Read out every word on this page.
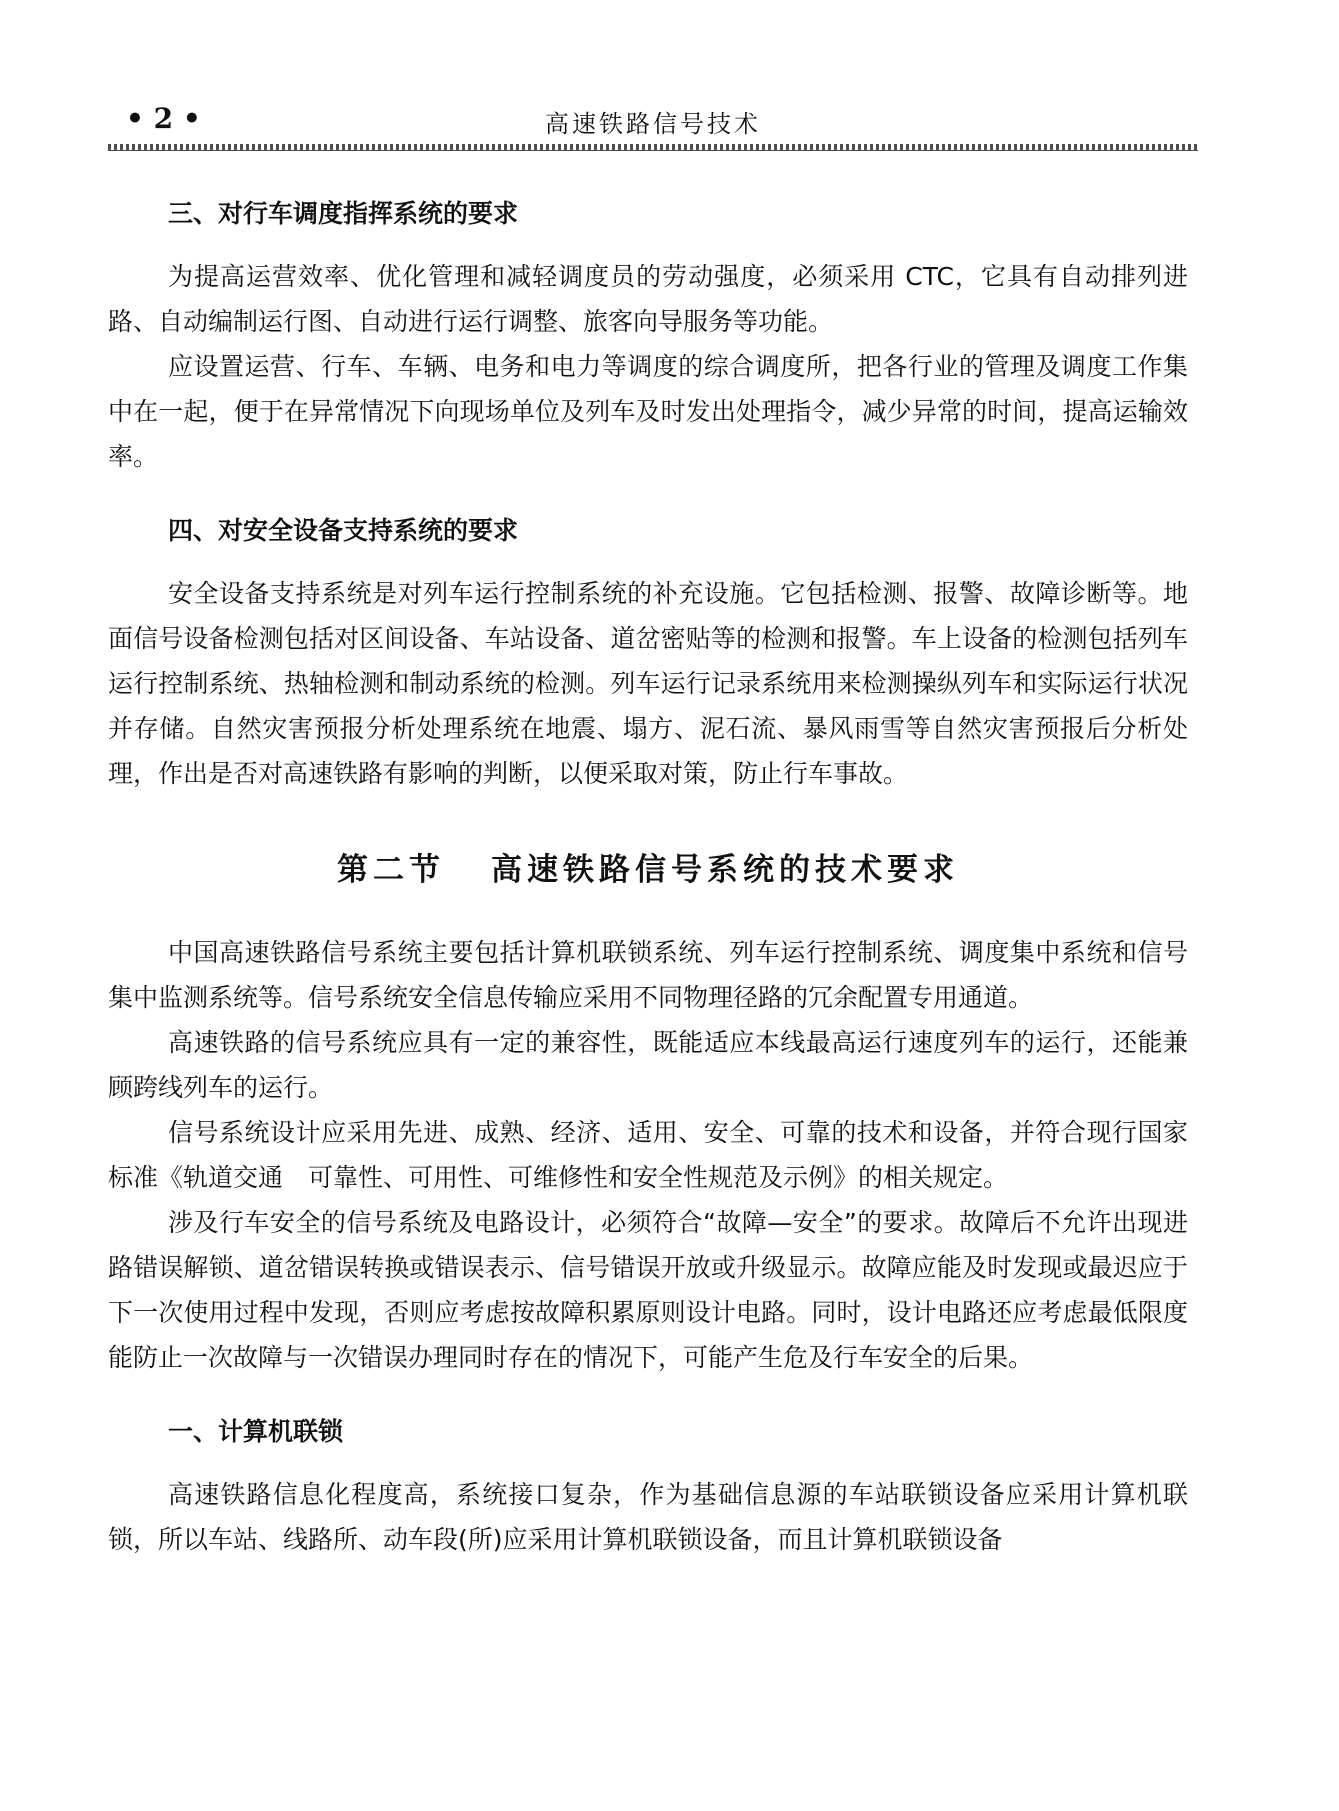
• 2 •	高速铁路信号技术
三、对行车调度指挥系统的要求

为提高运营效率、优化管理和减轻调度员的劳动强度，必须采用 CTC，它具有自动排列进路、自动编制运行图、自动进行运行调整、旅客向导服务等功能。

应设置运营、行车、车辆、电务和电力等调度的综合调度所，把各行业的管理及调度工作集中在一起，便于在异常情况下向现场单位及列车及时发出处理指令，减少异常的时间，提高运输效率。

四、对安全设备支持系统的要求

安全设备支持系统是对列车运行控制系统的补充设施。它包括检测、报警、故障诊断等。地面信号设备检测包括对区间设备、车站设备、道岔密贴等的检测和报警。车上设备的检测包括列车运行控制系统、热轴检测和制动系统的检测。列车运行记录系统用来检测操纵列车和实际运行状况并存储。自然灾害预报分析处理系统在地震、塌方、泥石流、暴风雨雪等自然灾害预报后分析处理，作出是否对高速铁路有影响的判断，以便采取对策，防止行车事故。

第二节 高速铁路信号系统的技术要求

中国高速铁路信号系统主要包括计算机联锁系统、列车运行控制系统、调度集中系统和信号集中监测系统等。信号系统安全信息传输应采用不同物理径路的冗余配置专用通道。

高速铁路的信号系统应具有一定的兼容性，既能适应本线最高运行速度列车的运行，还能兼顾跨线列车的运行。

信号系统设计应采用先进、成熟、经济、适用、安全、可靠的技术和设备，并符合现行国家标准《轨道交通　可靠性、可用性、可维修性和安全性规范及示例》的相关规定。

涉及行车安全的信号系统及电路设计，必须符合“故障—安全”的要求。故障后不允许出现进路错误解锁、道岔错误转换或错误表示、信号错误开放或升级显示。故障应能及时发现或最迟应于下一次使用过程中发现，否则应考虑按故障积累原则设计电路。同时，设计电路还应考虑最低限度能防止一次故障与一次错误办理同时存在的情况下，可能产生危及行车安全的后果。

一、计算机联锁

高速铁路信息化程度高，系统接口复杂，作为基础信息源的车站联锁设备应采用计算机联锁，所以车站、线路所、动车段(所)应采用计算机联锁设备，而且计算机联锁设备
